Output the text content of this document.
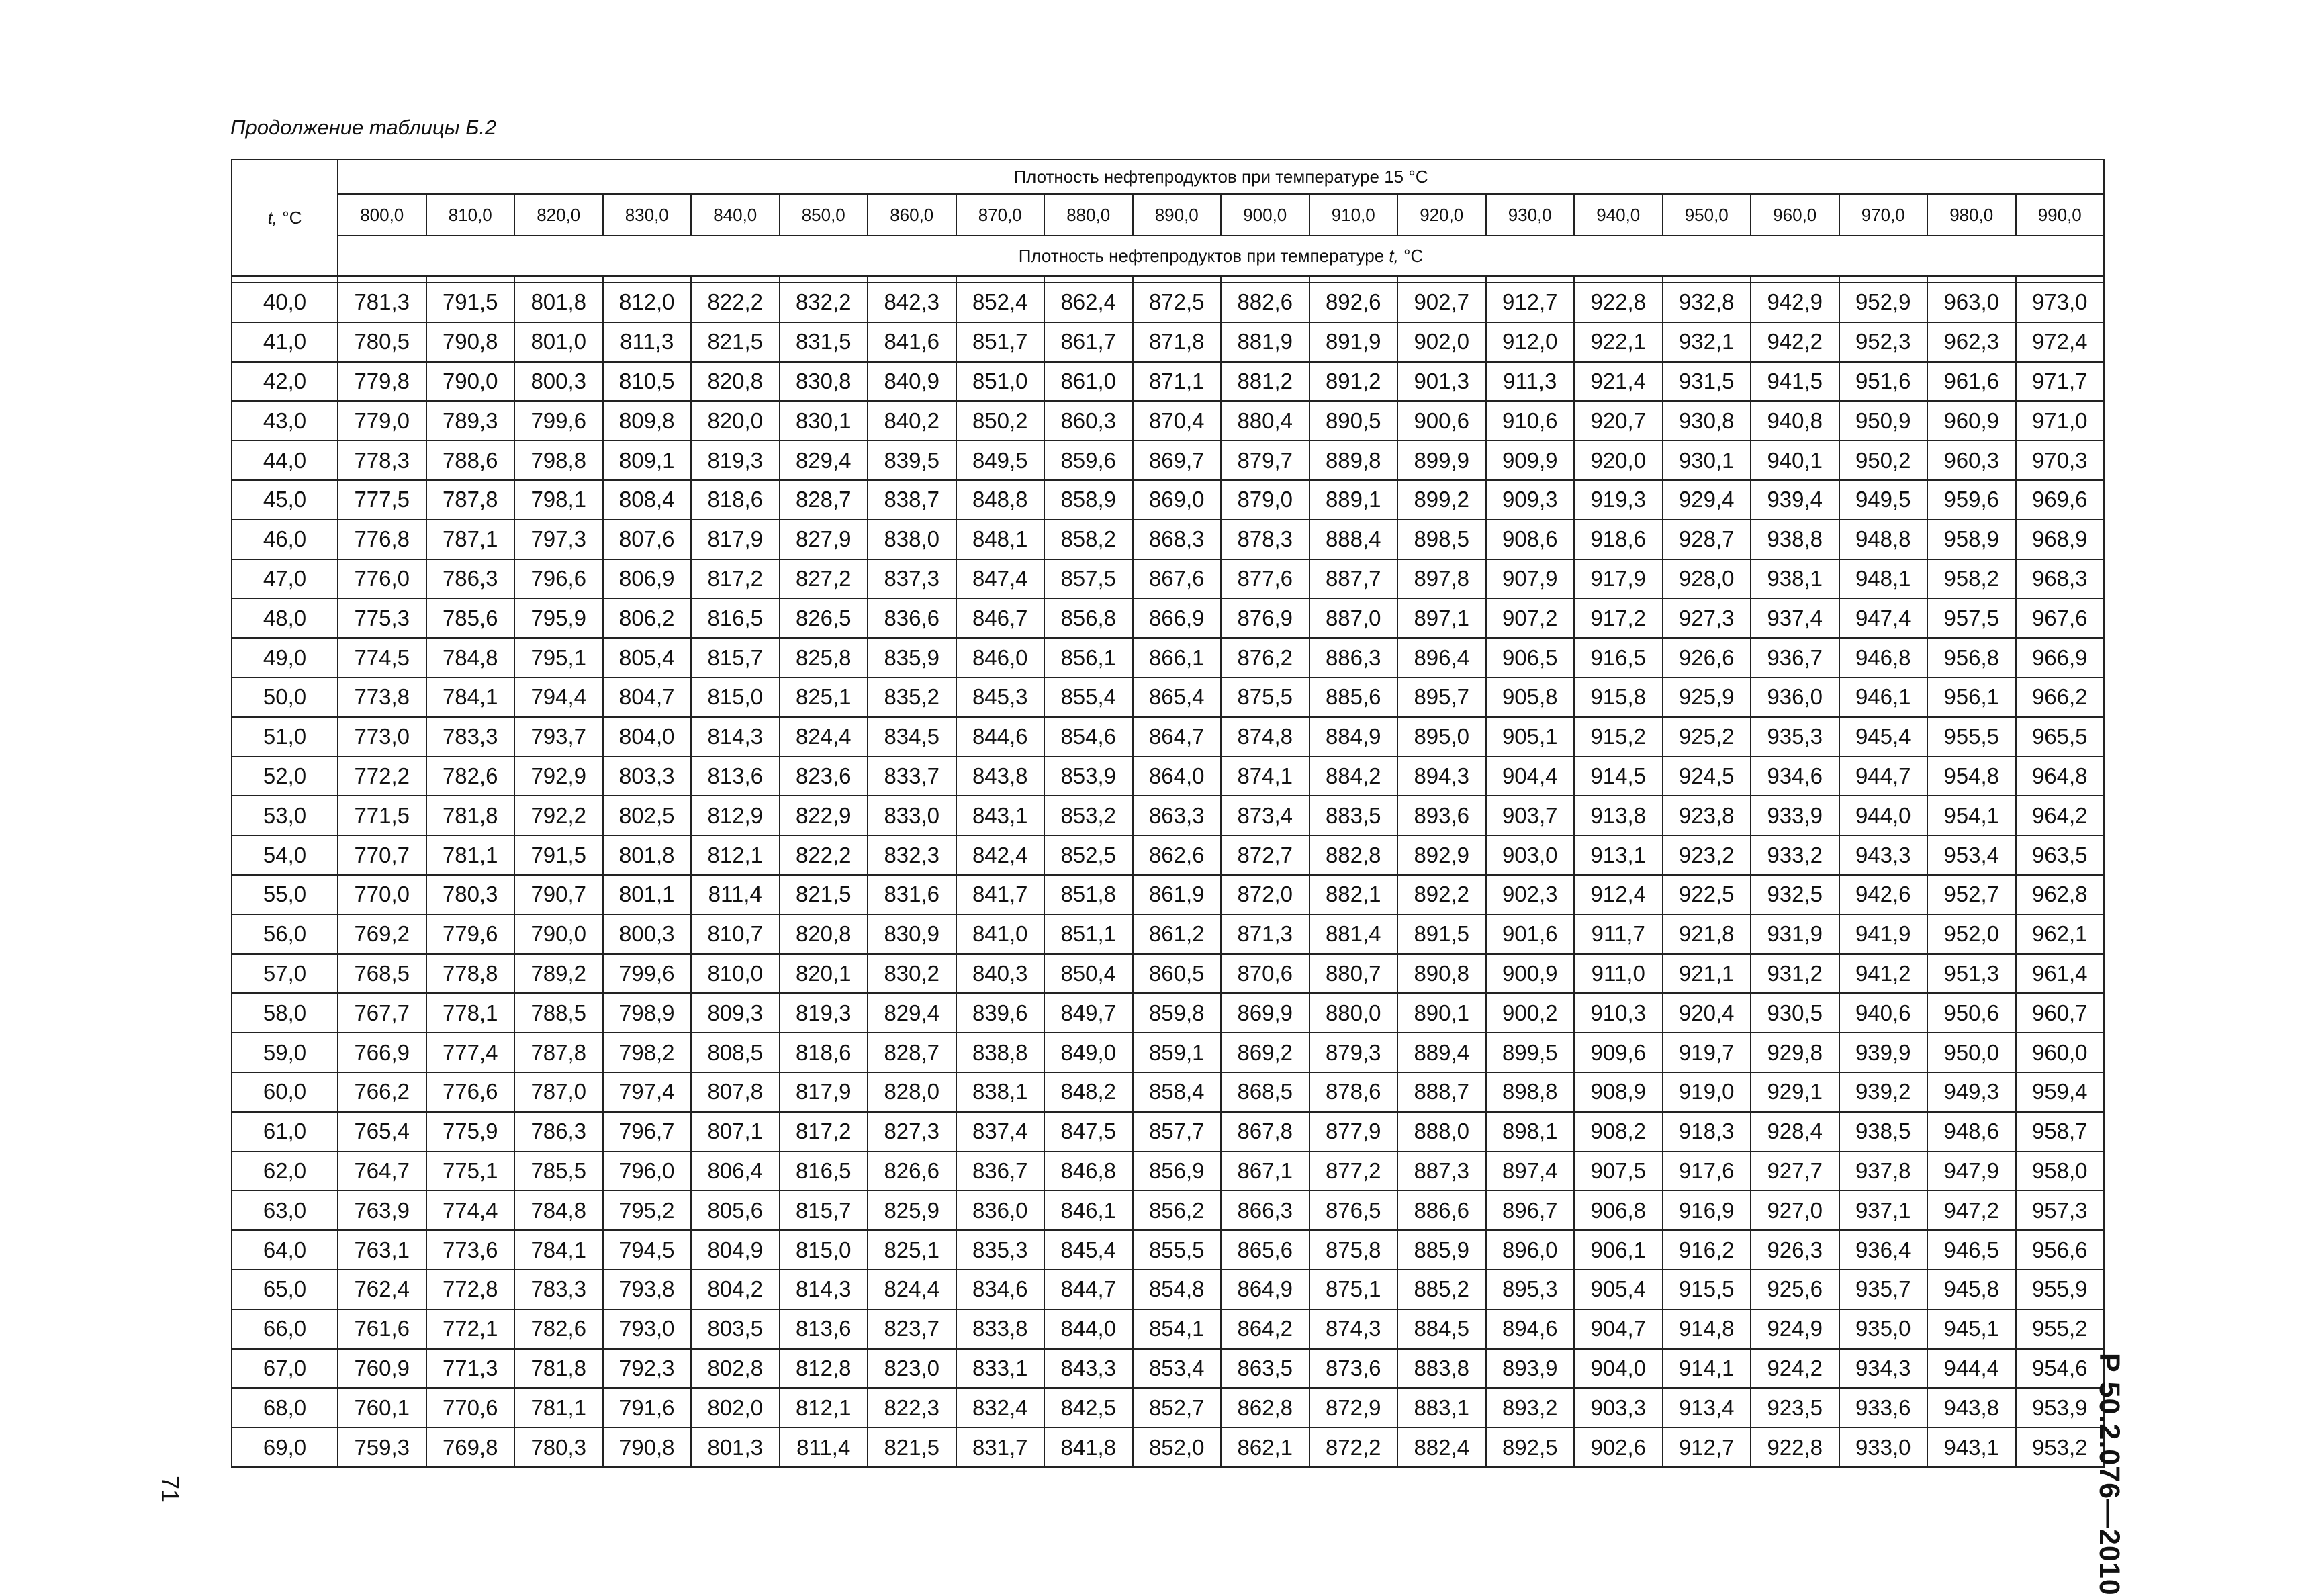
Продолжение таблицы Б.2
t, °C	Плотность нефтепродуктов при температуре 15 °C																			
	800,0	810,0	820,0	830,0	840,0	850,0	860,0	870,0	880,0	890,0	900,0	910,0	920,0	930,0	940,0	950,0	960,0	970,0	980,0	990,0
	Плотность нефтепродуктов при температуре t, °C																			

40,0	781,3	791,5	801,8	812,0	822,2	832,2	842,3	852,4	862,4	872,5	882,6	892,6	902,7	912,7	922,8	932,8	942,9	952,9	963,0	973,0
41,0	780,5	790,8	801,0	811,3	821,5	831,5	841,6	851,7	861,7	871,8	881,9	891,9	902,0	912,0	922,1	932,1	942,2	952,3	962,3	972,4
42,0	779,8	790,0	800,3	810,5	820,8	830,8	840,9	851,0	861,0	871,1	881,2	891,2	901,3	911,3	921,4	931,5	941,5	951,6	961,6	971,7
43,0	779,0	789,3	799,6	809,8	820,0	830,1	840,2	850,2	860,3	870,4	880,4	890,5	900,6	910,6	920,7	930,8	940,8	950,9	960,9	971,0
44,0	778,3	788,6	798,8	809,1	819,3	829,4	839,5	849,5	859,6	869,7	879,7	889,8	899,9	909,9	920,0	930,1	940,1	950,2	960,3	970,3
45,0	777,5	787,8	798,1	808,4	818,6	828,7	838,7	848,8	858,9	869,0	879,0	889,1	899,2	909,3	919,3	929,4	939,4	949,5	959,6	969,6
46,0	776,8	787,1	797,3	807,6	817,9	827,9	838,0	848,1	858,2	868,3	878,3	888,4	898,5	908,6	918,6	928,7	938,8	948,8	958,9	968,9
47,0	776,0	786,3	796,6	806,9	817,2	827,2	837,3	847,4	857,5	867,6	877,6	887,7	897,8	907,9	917,9	928,0	938,1	948,1	958,2	968,3
48,0	775,3	785,6	795,9	806,2	816,5	826,5	836,6	846,7	856,8	866,9	876,9	887,0	897,1	907,2	917,2	927,3	937,4	947,4	957,5	967,6
49,0	774,5	784,8	795,1	805,4	815,7	825,8	835,9	846,0	856,1	866,1	876,2	886,3	896,4	906,5	916,5	926,6	936,7	946,8	956,8	966,9
50,0	773,8	784,1	794,4	804,7	815,0	825,1	835,2	845,3	855,4	865,4	875,5	885,6	895,7	905,8	915,8	925,9	936,0	946,1	956,1	966,2
51,0	773,0	783,3	793,7	804,0	814,3	824,4	834,5	844,6	854,6	864,7	874,8	884,9	895,0	905,1	915,2	925,2	935,3	945,4	955,5	965,5
52,0	772,2	782,6	792,9	803,3	813,6	823,6	833,7	843,8	853,9	864,0	874,1	884,2	894,3	904,4	914,5	924,5	934,6	944,7	954,8	964,8
53,0	771,5	781,8	792,2	802,5	812,9	822,9	833,0	843,1	853,2	863,3	873,4	883,5	893,6	903,7	913,8	923,8	933,9	944,0	954,1	964,2
54,0	770,7	781,1	791,5	801,8	812,1	822,2	832,3	842,4	852,5	862,6	872,7	882,8	892,9	903,0	913,1	923,2	933,2	943,3	953,4	963,5
55,0	770,0	780,3	790,7	801,1	811,4	821,5	831,6	841,7	851,8	861,9	872,0	882,1	892,2	902,3	912,4	922,5	932,5	942,6	952,7	962,8
56,0	769,2	779,6	790,0	800,3	810,7	820,8	830,9	841,0	851,1	861,2	871,3	881,4	891,5	901,6	911,7	921,8	931,9	941,9	952,0	962,1
57,0	768,5	778,8	789,2	799,6	810,0	820,1	830,2	840,3	850,4	860,5	870,6	880,7	890,8	900,9	911,0	921,1	931,2	941,2	951,3	961,4
58,0	767,7	778,1	788,5	798,9	809,3	819,3	829,4	839,6	849,7	859,8	869,9	880,0	890,1	900,2	910,3	920,4	930,5	940,6	950,6	960,7
59,0	766,9	777,4	787,8	798,2	808,5	818,6	828,7	838,8	849,0	859,1	869,2	879,3	889,4	899,5	909,6	919,7	929,8	939,9	950,0	960,0
60,0	766,2	776,6	787,0	797,4	807,8	817,9	828,0	838,1	848,2	858,4	868,5	878,6	888,7	898,8	908,9	919,0	929,1	939,2	949,3	959,4
61,0	765,4	775,9	786,3	796,7	807,1	817,2	827,3	837,4	847,5	857,7	867,8	877,9	888,0	898,1	908,2	918,3	928,4	938,5	948,6	958,7
62,0	764,7	775,1	785,5	796,0	806,4	816,5	826,6	836,7	846,8	856,9	867,1	877,2	887,3	897,4	907,5	917,6	927,7	937,8	947,9	958,0
63,0	763,9	774,4	784,8	795,2	805,6	815,7	825,9	836,0	846,1	856,2	866,3	876,5	886,6	896,7	906,8	916,9	927,0	937,1	947,2	957,3
64,0	763,1	773,6	784,1	794,5	804,9	815,0	825,1	835,3	845,4	855,5	865,6	875,8	885,9	896,0	906,1	916,2	926,3	936,4	946,5	956,6
65,0	762,4	772,8	783,3	793,8	804,2	814,3	824,4	834,6	844,7	854,8	864,9	875,1	885,2	895,3	905,4	915,5	925,6	935,7	945,8	955,9
66,0	761,6	772,1	782,6	793,0	803,5	813,6	823,7	833,8	844,0	854,1	864,2	874,3	884,5	894,6	904,7	914,8	924,9	935,0	945,1	955,2
67,0	760,9	771,3	781,8	792,3	802,8	812,8	823,0	833,1	843,3	853,4	863,5	873,6	883,8	893,9	904,0	914,1	924,2	934,3	944,4	954,6
68,0	760,1	770,6	781,1	791,6	802,0	812,1	822,3	832,4	842,5	852,7	862,8	872,9	883,1	893,2	903,3	913,4	923,5	933,6	943,8	953,9
69,0	759,3	769,8	780,3	790,8	801,3	811,4	821,5	831,7	841,8	852,0	862,1	872,2	882,4	892,5	902,6	912,7	922,8	933,0	943,1	953,2 Р 50.2.076—2010
71
